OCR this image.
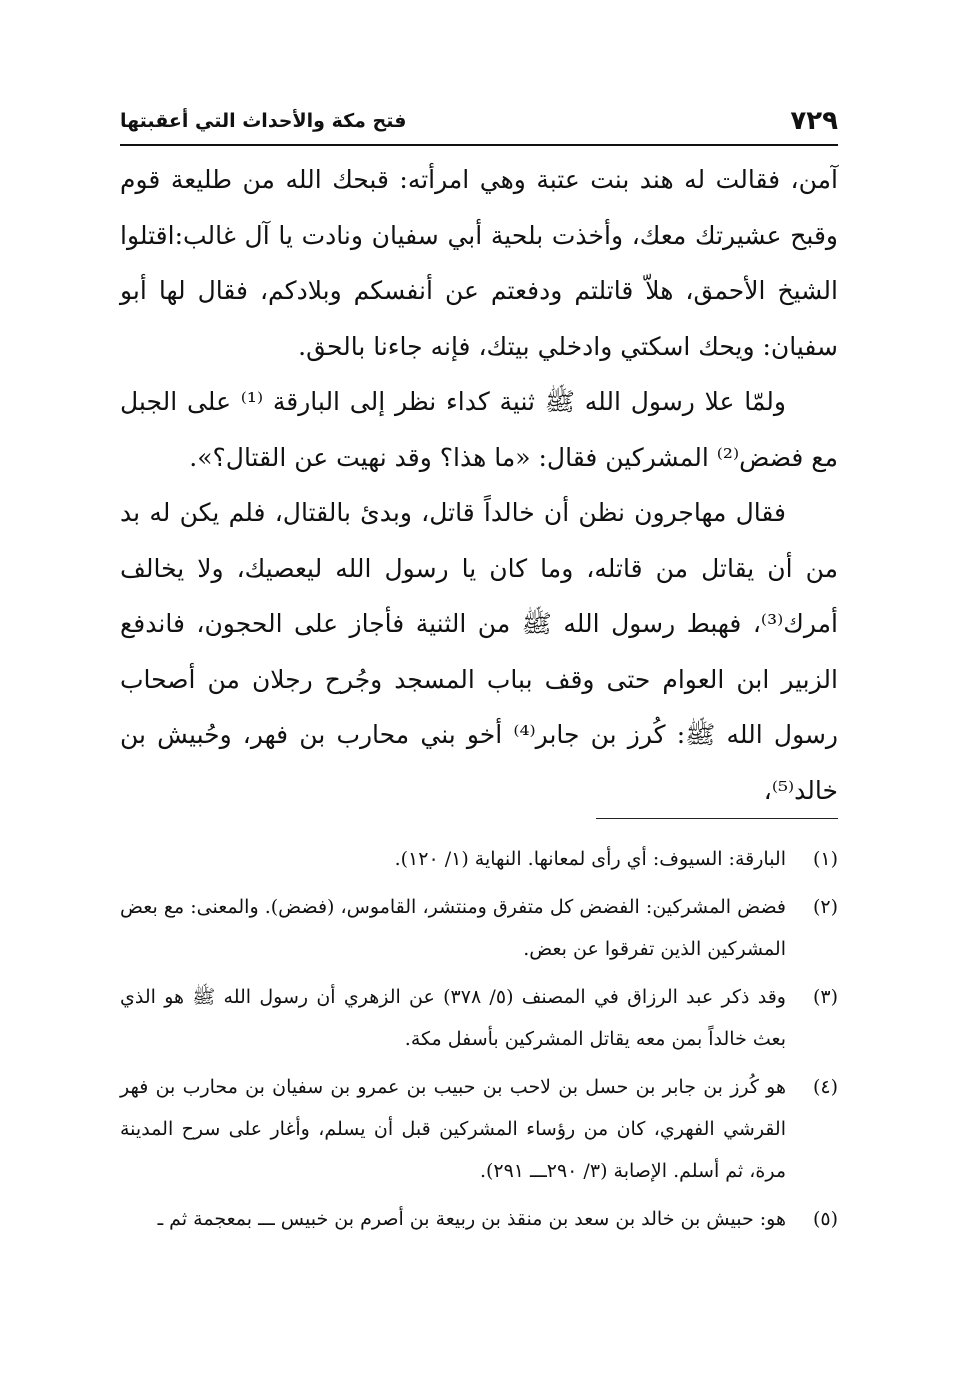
٧٢٩
فتح مكة والأحداث التي أعقبتها

آمن، فقالت له هند بنت عتبة وهي امرأته: قبحك الله من طليعة قوم وقبح عشيرتك معك، وأخذت بلحية أبي سفيان ونادت يا آل غالب:اقتلوا الشيخ الأحمق، هلاّ قاتلتم ودفعتم عن أنفسكم وبلادكم، فقال لها أبو سفيان: ويحك اسكتي وادخلي بيتك، فإنه جاءنا بالحق.

ولمّا علا رسول الله ﷺ ثنية كداء نظر إلى البارقة ⁽¹⁾ على الجبل مع فضض⁽²⁾ المشركين فقال: «ما هذا؟ وقد نهيت عن القتال؟».

فقال مهاجرون نظن أن خالداً قاتل، وبدئ بالقتال، فلم يكن له بد من أن يقاتل من قاتله، وما كان يا رسول الله ليعصيك، ولا يخالف أمرك⁽³⁾، فهبط رسول الله ﷺ من الثنية فأجاز على الحجون، فاندفع الزبير ابن العوام حتى وقف بباب المسجد وجُرح رجلان من أصحاب رسول الله ﷺ: كُرز بن جابر⁽⁴⁾ أخو بني محارب بن فهر، وحُبيش بن خالد⁽⁵⁾،

(١)
البارقة: السيوف: أي رأى لمعانها. النهاية (١/ ١٢٠).
(٢)
فضض المشركين: الفضض كل متفرق ومنتشر، القاموس، (فضض). والمعنى: مع بعض المشركين الذين تفرقوا عن بعض.
(٣)
وقد ذكر عبد الرزاق في المصنف (٥/ ٣٧٨) عن الزهري أن رسول الله ﷺ هو الذي بعث خالداً بمن معه يقاتل المشركين بأسفل مكة.
(٤)
هو كُرز بن جابر بن حسل بن لاحب بن حبيب بن عمرو بن سفيان بن محارب بن فهر القرشي الفهري، كان من رؤساء المشركين قبل أن يسلم، وأغار على سرح المدينة مرة، ثم أسلم. الإصابة (٣/ ٢٩٠ـــ ٢٩١).
(٥)
هو: حبيش بن خالد بن سعد بن منقذ بن ربيعة بن أصرم بن خبيس ـــ بمعجمة ثم ـ
